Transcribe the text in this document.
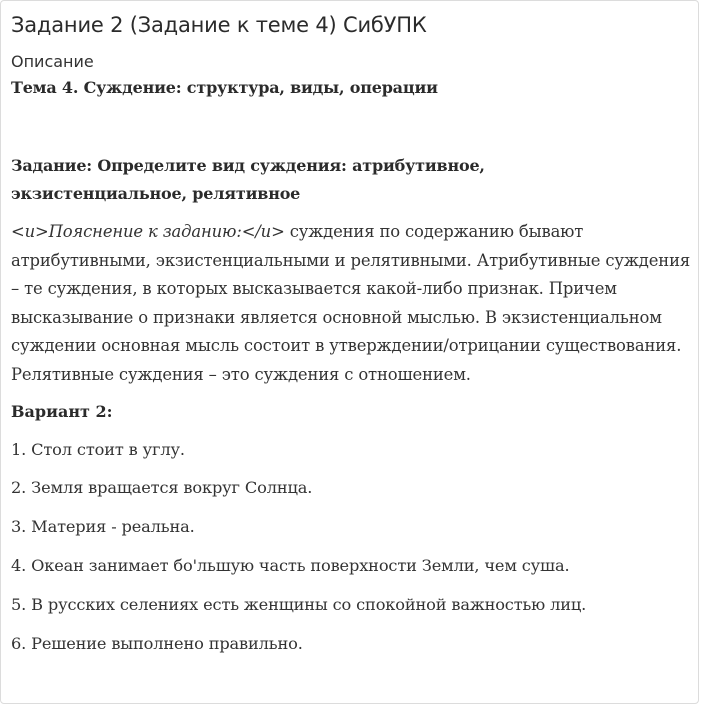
Задание 2 (Задание к теме 4) СибУПК
Описание
Тема 4. Суждение: структура, виды, операции
Задание: Определите вид суждения: атрибутивное, экзистенциальное, релятивное
<u>Пояснение к заданию:</u> суждения по содержанию бывают атрибутивными, экзистенциальными и релятивными. Атрибутивные суждения – те суждения, в которых высказывается какой-либо признак. Причем высказывание о признаки является основной мыслью. В экзистенциальном суждении основная мысль состоит в утверждении/отрицании существования. Релятивные суждения – это суждения с отношением.
Вариант 2:
1. Стол стоит в углу.
2. Земля вращается вокруг Солнца.
3. Материя - реальна.
4. Океан занимает бо'льшую часть поверхности Земли, чем суша.
5. В русских селениях есть женщины со спокойной важностью лиц.
6. Решение выполнено правильно.
